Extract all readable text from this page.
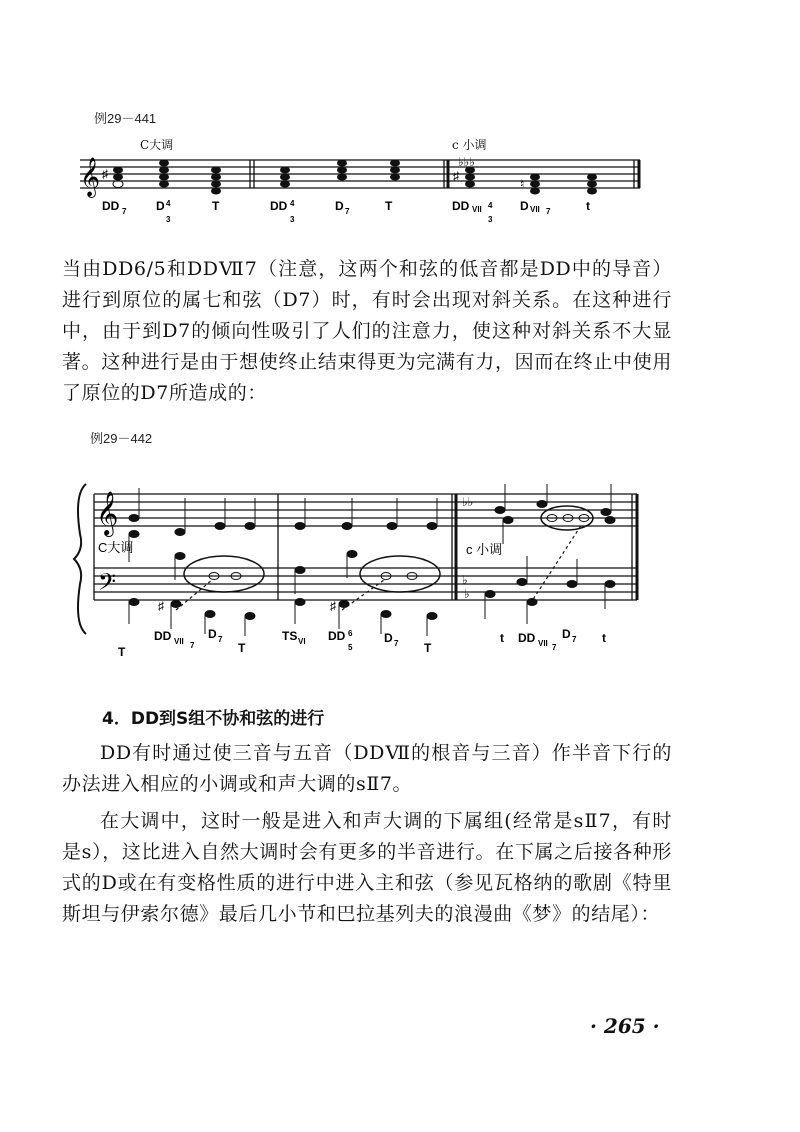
例29－441
C大调	c 小调
𝄞 ♯
♭♭♭
♯
♮
DD 7 D 4
3
T	DD 4
3
D 7	T	DD VII 4
3
D VII 7	t

当由DD6/5和DDⅦ7（注意，这两个和弦的低音都是DD中的导音）进行到原位的属七和弦（D7）时，有时会出现对斜关系。在这种进行中，由于到D7的倾向性吸引了人们的注意力，使这种对斜关系不大显著。这种进行是由于想使终止结束得更为完满有力，因而在终止中使用了原位的D7所造成的：

例29－442
𝄞
𝄢
♭♭
♭
♭
♯	♯
C大调	c 小调
T
DD VII 7
D 7
T
TS VI DD 6
5
D 7 T
t DD VII 7
D 7 t
4．DD到S组不协和弦的进行

DD有时通过使三音与五音（DDⅦ的根音与三音）作半音下行的办法进入相应的小调或和声大调的sⅡ7。

在大调中，这时一般是进入和声大调的下属组(经常是sⅡ7，有时是s），这比进入自然大调时会有更多的半音进行。在下属之后接各种形式的D或在有变格性质的进行中进入主和弦（参见瓦格纳的歌剧《特里斯坦与伊索尔德》最后几小节和巴拉基列夫的浪漫曲《梦》的结尾）：

· 265 ·
